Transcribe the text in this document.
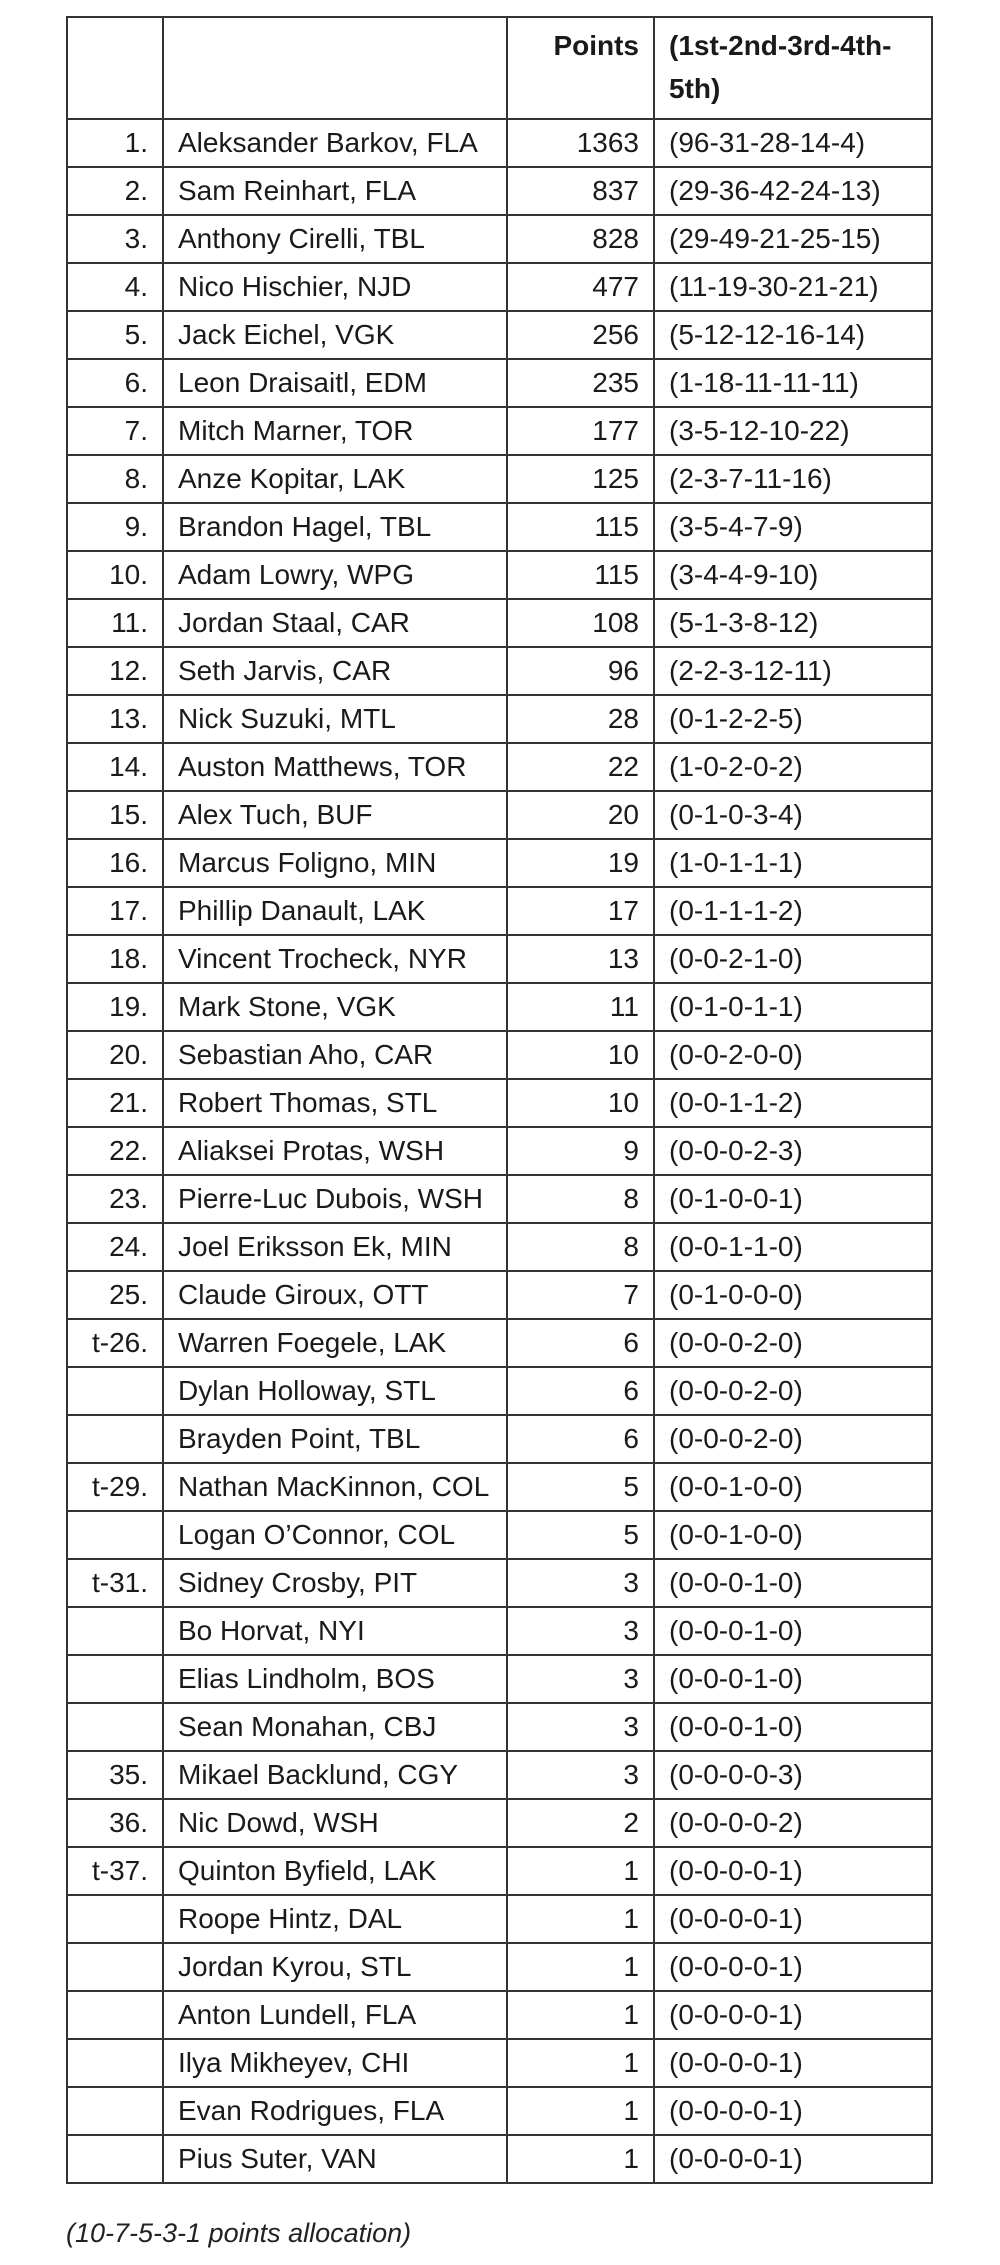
		Points	(1st-2nd-3rd-4th-5th)
1.	Aleksander Barkov, FLA	1363	(96-31-28-14-4)
2.	Sam Reinhart, FLA	837	(29-36-42-24-13)
3.	Anthony Cirelli, TBL	828	(29-49-21-25-15)
4.	Nico Hischier, NJD	477	(11-19-30-21-21)
5.	Jack Eichel, VGK	256	(5-12-12-16-14)
6.	Leon Draisaitl, EDM	235	(1-18-11-11-11)
7.	Mitch Marner, TOR	177	(3-5-12-10-22)
8.	Anze Kopitar, LAK	125	(2-3-7-11-16)
9.	Brandon Hagel, TBL	115	(3-5-4-7-9)
10.	Adam Lowry, WPG	115	(3-4-4-9-10)
11.	Jordan Staal, CAR	108	(5-1-3-8-12)
12.	Seth Jarvis, CAR	96	(2-2-3-12-11)
13.	Nick Suzuki, MTL	28	(0-1-2-2-5)
14.	Auston Matthews, TOR	22	(1-0-2-0-2)
15.	Alex Tuch, BUF	20	(0-1-0-3-4)
16.	Marcus Foligno, MIN	19	(1-0-1-1-1)
17.	Phillip Danault, LAK	17	(0-1-1-1-2)
18.	Vincent Trocheck, NYR	13	(0-0-2-1-0)
19.	Mark Stone, VGK	11	(0-1-0-1-1)
20.	Sebastian Aho, CAR	10	(0-0-2-0-0)
21.	Robert Thomas, STL	10	(0-0-1-1-2)
22.	Aliaksei Protas, WSH	9	(0-0-0-2-3)
23.	Pierre-Luc Dubois, WSH	8	(0-1-0-0-1)
24.	Joel Eriksson Ek, MIN	8	(0-0-1-1-0)
25.	Claude Giroux, OTT	7	(0-1-0-0-0)
t-26.	Warren Foegele, LAK	6	(0-0-0-2-0)
	Dylan Holloway, STL	6	(0-0-0-2-0)
	Brayden Point, TBL	6	(0-0-0-2-0)
t-29.	Nathan MacKinnon, COL	5	(0-0-1-0-0)
	Logan O’Connor, COL	5	(0-0-1-0-0)
t-31.	Sidney Crosby, PIT	3	(0-0-0-1-0)
	Bo Horvat, NYI	3	(0-0-0-1-0)
	Elias Lindholm, BOS	3	(0-0-0-1-0)
	Sean Monahan, CBJ	3	(0-0-0-1-0)
35.	Mikael Backlund, CGY	3	(0-0-0-0-3)
36.	Nic Dowd, WSH	2	(0-0-0-0-2)
t-37.	Quinton Byfield, LAK	1	(0-0-0-0-1)
	Roope Hintz, DAL	1	(0-0-0-0-1)
	Jordan Kyrou, STL	1	(0-0-0-0-1)
	Anton Lundell, FLA	1	(0-0-0-0-1)
	Ilya Mikheyev, CHI	1	(0-0-0-0-1)
	Evan Rodrigues, FLA	1	(0-0-0-0-1)
	Pius Suter, VAN	1	(0-0-0-0-1)
(10-7-5-3-1 points allocation)
